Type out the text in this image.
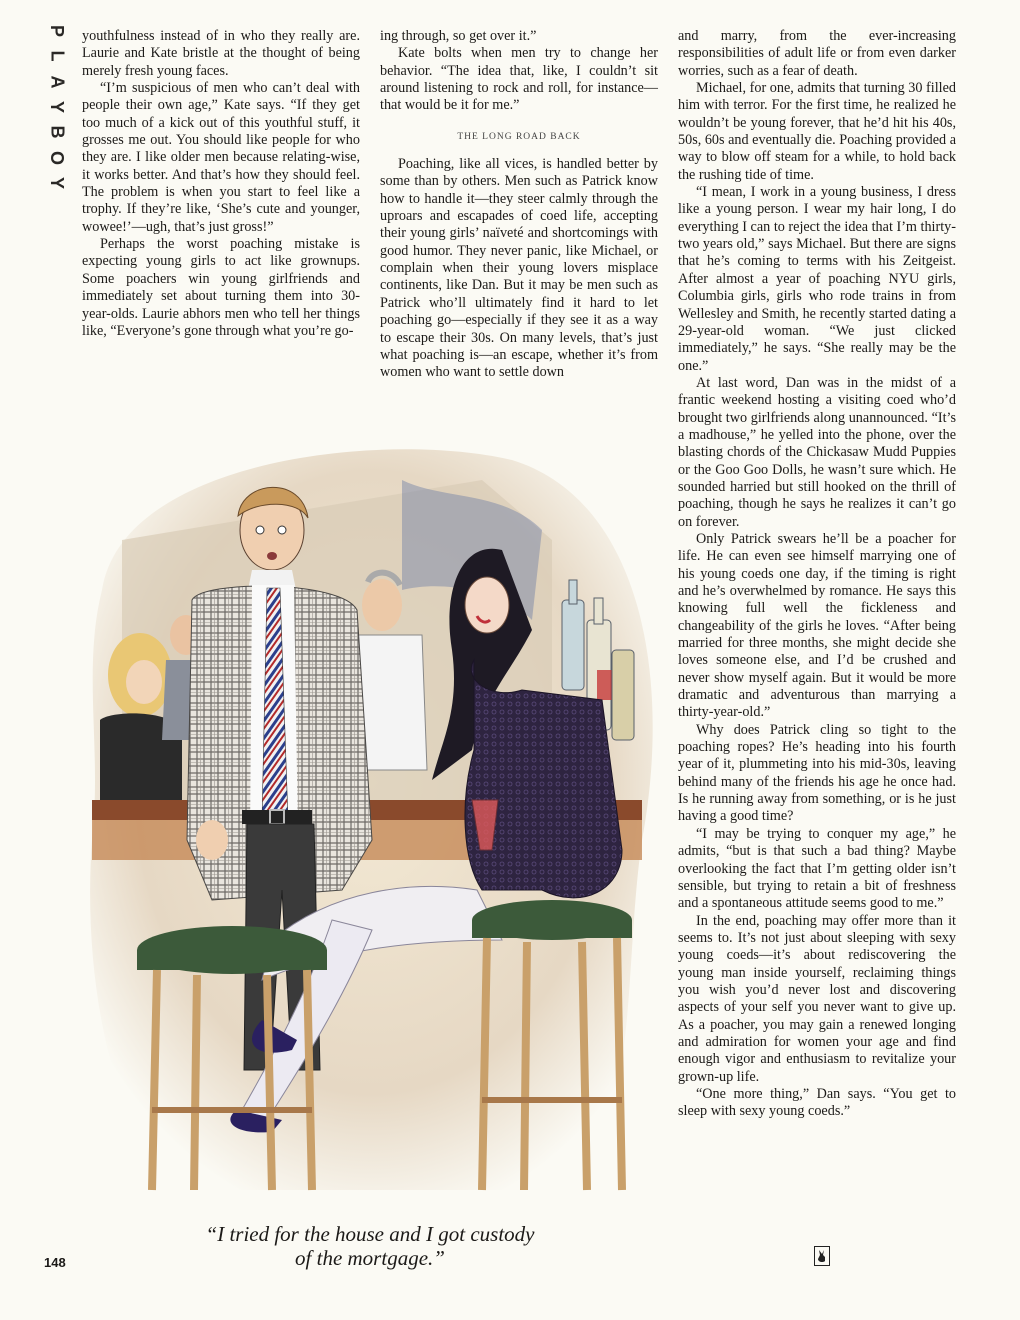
P
L
A
Y
B
O
Y

youthfulness instead of in who they really are. Laurie and Kate bristle at the thought of being merely fresh young faces.

“I’m suspicious of men who can’t deal with people their own age,” Kate says. “If they get too much of a kick out of this youthful stuff, it grosses me out. You should like people for who they are. I like older men because relating-wise, it works better. And that’s how they should feel. The problem is when you start to feel like a trophy. If they’re like, ‘She’s cute and younger, wowee!’—ugh, that’s just gross!”

Perhaps the worst poaching mistake is expecting young girls to act like grownups. Some poachers win young girlfriends and immediately set about turning them into 30-year-olds. Laurie abhors men who tell her things like, “Everyone’s gone through what you’re go-

ing through, so get over it.”

Kate bolts when men try to change her behavior. “The idea that, like, I couldn’t sit around listening to rock and roll, for instance—that would be it for me.”

THE LONG ROAD BACK

Poaching, like all vices, is handled better by some than by others. Men such as Patrick know how to handle it—they steer calmly through the uproars and escapades of coed life, accepting their young girls’ naïveté and shortcomings with good humor. They never panic, like Michael, or complain when their young lovers misplace continents, like Dan. But it may be men such as Patrick who’ll ultimately find it hard to let poaching go—especially if they see it as a way to escape their 30s. On many levels, that’s just what poaching is—an escape, whether it’s from women who want to settle down

and marry, from the ever-increasing responsibilities of adult life or from even darker worries, such as a fear of death.

Michael, for one, admits that turning 30 filled him with terror. For the first time, he realized he wouldn’t be young forever, that he’d hit his 40s, 50s, 60s and eventually die. Poaching provided a way to blow off steam for a while, to hold back the rushing tide of time.

“I mean, I work in a young business, I dress like a young person. I wear my hair long, I do everything I can to reject the idea that I’m thirty-two years old,” says Michael. But there are signs that he’s coming to terms with his Zeitgeist. After almost a year of poaching NYU girls, Columbia girls, girls who rode trains in from Wellesley and Smith, he recently started dating a 29-year-old woman. “We just clicked immediately,” he says. “She really may be the one.”

At last word, Dan was in the midst of a frantic weekend hosting a visiting coed who’d brought two girlfriends along unannounced. “It’s a madhouse,” he yelled into the phone, over the blasting chords of the Chickasaw Mudd Puppies or the Goo Goo Dolls, he wasn’t sure which. He sounded harried but still hooked on the thrill of poaching, though he says he realizes it can’t go on forever.

Only Patrick swears he’ll be a poacher for life. He can even see himself marrying one of his young coeds one day, if the timing is right and he’s overwhelmed by romance. He says this knowing full well the fickleness and changeability of the girls he loves. “After being married for three months, she might decide she loves someone else, and I’d be crushed and never show myself again. But it would be more dramatic and adventurous than marrying a thirty-year-old.”

Why does Patrick cling so tight to the poaching ropes? He’s heading into his fourth year of it, plummeting into his mid-30s, leaving behind many of the friends his age he once had. Is he running away from something, or is he just having a good time?

“I may be trying to conquer my age,” he admits, “but is that such a bad thing? Maybe overlooking the fact that I’m getting older isn’t sensible, but trying to retain a bit of freshness and a spontaneous attitude seems good to me.”

In the end, poaching may offer more than it seems to. It’s not just about sleeping with sexy young coeds—it’s about rediscovering the young man inside yourself, reclaiming things you wish you’d never lost and discovering aspects of your self you never want to give up. As a poacher, you may gain a renewed longing and admiration for women your age and find enough vigor and enthusiasm to revitalize your grown-up life.

“One more thing,” Dan says. “You get to sleep with sexy young coeds.”

“I tried for the house and I got custody of the mortgage.”
148
